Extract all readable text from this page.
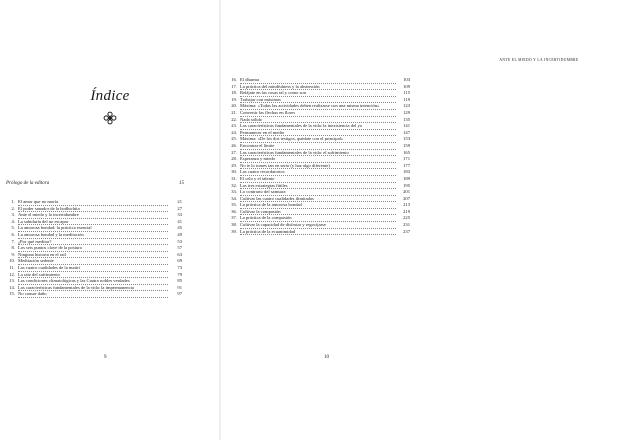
Índice
Prólogo de la editora	15
1. El amor que no moría	21
2. El poder sanador de la bodhichita	27
3. Ante el miedo y la incertidumbre	33
4. La sabiduría del no escapar	41
5. La amorosa bondad: la práctica esencial	45
6. La amorosa bondad y la meditación	49
7. ¿Por qué meditar?	53
8. Los seis puntos clave de la postura	57
9. Ninguna historia en el rail	63
10. Meditación sedente	69
11. Las cuatro cualidades de la maitri	73
12. La raíz del sufrimiento	79
13. Las condiciones climatológicas y las Cuatro nobles verdades	85
14. Las características fundamentales de la vida: la impermanencia	91
15. No causar daño	97
9
ANTE EL MIEDO Y LA INCERTIDUMBRE
16. El dharma	103
17. La práctica del mindfulness y la abstención	109
18. Relájate en las cosas tal y como son	115
19. Trabajar con máximas	119
20. Máxima: «Todas las actividades deben realizarse con una misma intención»	123
21. Convertir las flechas en flores	129
22. Nada sólido	135
23. Las características fundamentales de la vida: la inexistencia del yo	141
24. Permanecer en el medio	147
25. Máxima: «De los dos testigos, quédate con el principal»	153
26. Encontrar el límite	159
27. Las características fundamentales de la vida: el sufrimiento	165
28. Esperanza y miedo	171
29. No te lo tomes tan en serio (y haz algo diferente)	177
30. Las cuatro recordatorios	183
31. El celo y el talento	189
32. Las tres estrategias fútiles	195
33. Lo contrario del samsara	201
34. Cultivar las cuatro cualidades ilimitadas	207
35. La práctica de la amorosa bondad	213
36. Cultivar la compasión	219
37. La práctica de la compasión	225
38. Cultivar la capacidad de disfrutar y regocijarse	231
39. La práctica de la ecuanimidad	237
10
